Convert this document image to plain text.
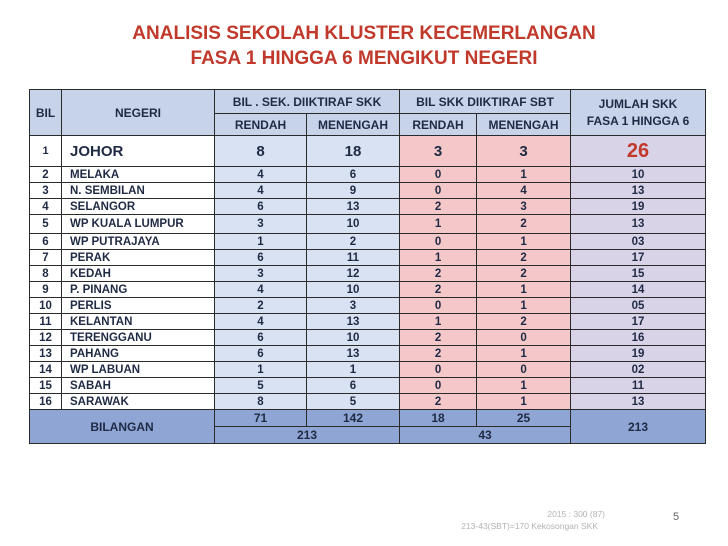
ANALISIS SEKOLAH KLUSTER KECEMERLANGAN
FASA 1 HINGGA 6 MENGIKUT NEGERI
BIL	NEGERI	BIL . SEK. DIIKTIRAF SKK		BIL SKK DIIKTIRAF SBT		JUMLAH SKK
FASA 1 HINGGA 6

		RENDAH	MENENGAH	RENDAH	MENENGAH	
1	JOHOR	8	18	3	3	26
2	MELAKA	4	6	0	1	10
3	N. SEMBILAN	4	9	0	4	13
4	SELANGOR	6	13	2	3	19
5	WP KUALA LUMPUR	3	10	1	2	13
6	WP PUTRAJAYA	1	2	0	1	03
7	PERAK	6	11	1	2	17
8	KEDAH	3	12	2	2	15
9	P. PINANG	4	10	2	1	14
10	PERLIS	2	3	0	1	05
11	KELANTAN	4	13	1	2	17
12	TERENGGANU	6	10	2	0	16
13	PAHANG	6	13	2	1	19
14	WP LABUAN	1	1	0	0	02
15	SABAH	5	6	0	1	11
16	SARAWAK	8	5	2	1	13
BILANGAN		71	142	18	25	213
		213		43		
2015 : 300 (87)
213-43(SBT)=170 Kekosongan SKK
5
